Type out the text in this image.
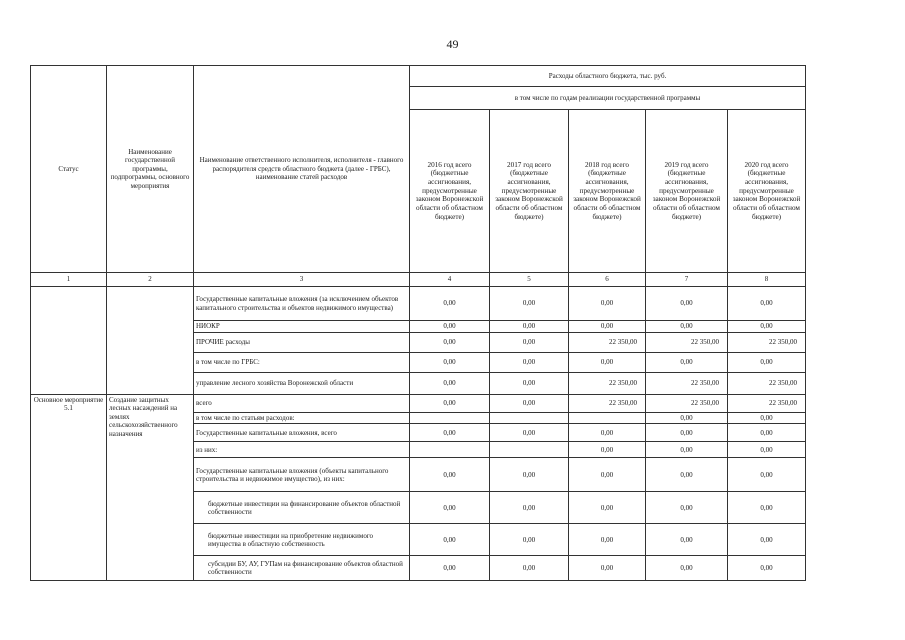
49
Статус	Наименование государственной программы, подпрограммы, основного мероприятия	Наименование ответственного исполнителя, исполнителя - главного распорядителя средств областного бюджета (далее - ГРБС), наименование статей расходов	Расходы областного бюджета, тыс. руб.				
			в том числе по годам реализации государственной программы				
			2016 год всего (бюджетные ассигнования, предусмотренные законом Воронежской области об областном бюджете)	2017 год всего (бюджетные ассигнования, предусмотренные законом Воронежской области об областном бюджете)	2018 год всего (бюджетные ассигнования, предусмотренные законом Воронежской области об областном бюджете)	2019 год всего (бюджетные ассигнования, предусмотренные законом Воронежской области об областном бюджете)	2020 год всего (бюджетные ассигнования, предусмотренные законом Воронежской области об областном бюджете)
1	2	3	4	5	6	7	8
		Государственные капитальные вложения (за исключением объектов капитального строительства и объектов недвижимого имущества)	0,00	0,00	0,00	0,00	0,00
		НИОКР	0,00	0,00	0,00	0,00	0,00
		ПРОЧИЕ расходы	0,00	0,00	22 350,00	22 350,00	22 350,00
		в том числе по ГРБС:	0,00	0,00	0,00	0,00	0,00
		управление лесного хозяйства Воронежской области	0,00	0,00	22 350,00	22 350,00	22 350,00
Основное мероприятие 5.1	Создание защитных лесных насаждений на землях сельскохозяйственного назначения	всего	0,00	0,00	22 350,00	22 350,00	22 350,00
		в том числе по статьям расходов:				0,00	0,00
		Государственные капитальные вложения, всего	0,00	0,00	0,00	0,00	0,00
		из них:			0,00	0,00	0,00
		Государственные капитальные вложения (объекты капитального строительства и недвижимое имущество), из них:	0,00	0,00	0,00	0,00	0,00
		бюджетные инвестиции на финансирование объектов областной собственности	0,00	0,00	0,00	0,00	0,00
		бюджетные инвестиции на приобретение недвижимого имущества в областную собственность	0,00	0,00	0,00	0,00	0,00
		субсидии БУ, АУ, ГУПам на финансирование объектов областной собственности	0,00	0,00	0,00	0,00	0,00
